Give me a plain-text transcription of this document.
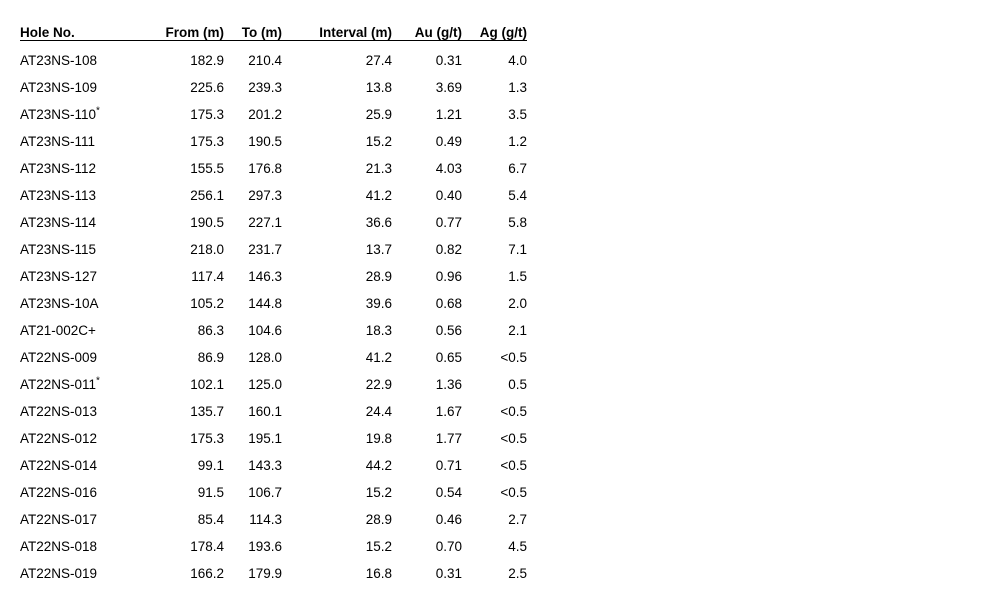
Hole No.	From (m)	To (m)	Interval (m)	Au (g/t)	Ag (g/t)
AT23NS-108	182.9	210.4	27.4	0.31	4.0
AT23NS-109	225.6	239.3	13.8	3.69	1.3
AT23NS-110*	175.3	201.2	25.9	1.21	3.5
AT23NS-111	175.3	190.5	15.2	0.49	1.2
AT23NS-112	155.5	176.8	21.3	4.03	6.7
AT23NS-113	256.1	297.3	41.2	0.40	5.4
AT23NS-114	190.5	227.1	36.6	0.77	5.8
AT23NS-115	218.0	231.7	13.7	0.82	7.1
AT23NS-127	117.4	146.3	28.9	0.96	1.5
AT23NS-10A	105.2	144.8	39.6	0.68	2.0
AT21-002C+	86.3	104.6	18.3	0.56	2.1
AT22NS-009	86.9	128.0	41.2	0.65	<0.5
AT22NS-011*	102.1	125.0	22.9	1.36	0.5
AT22NS-013	135.7	160.1	24.4	1.67	<0.5
AT22NS-012	175.3	195.1	19.8	1.77	<0.5
AT22NS-014	99.1	143.3	44.2	0.71	<0.5
AT22NS-016	91.5	106.7	15.2	0.54	<0.5
AT22NS-017	85.4	114.3	28.9	0.46	2.7
AT22NS-018	178.4	193.6	15.2	0.70	4.5
AT22NS-019	166.2	179.9	16.8	0.31	2.5
